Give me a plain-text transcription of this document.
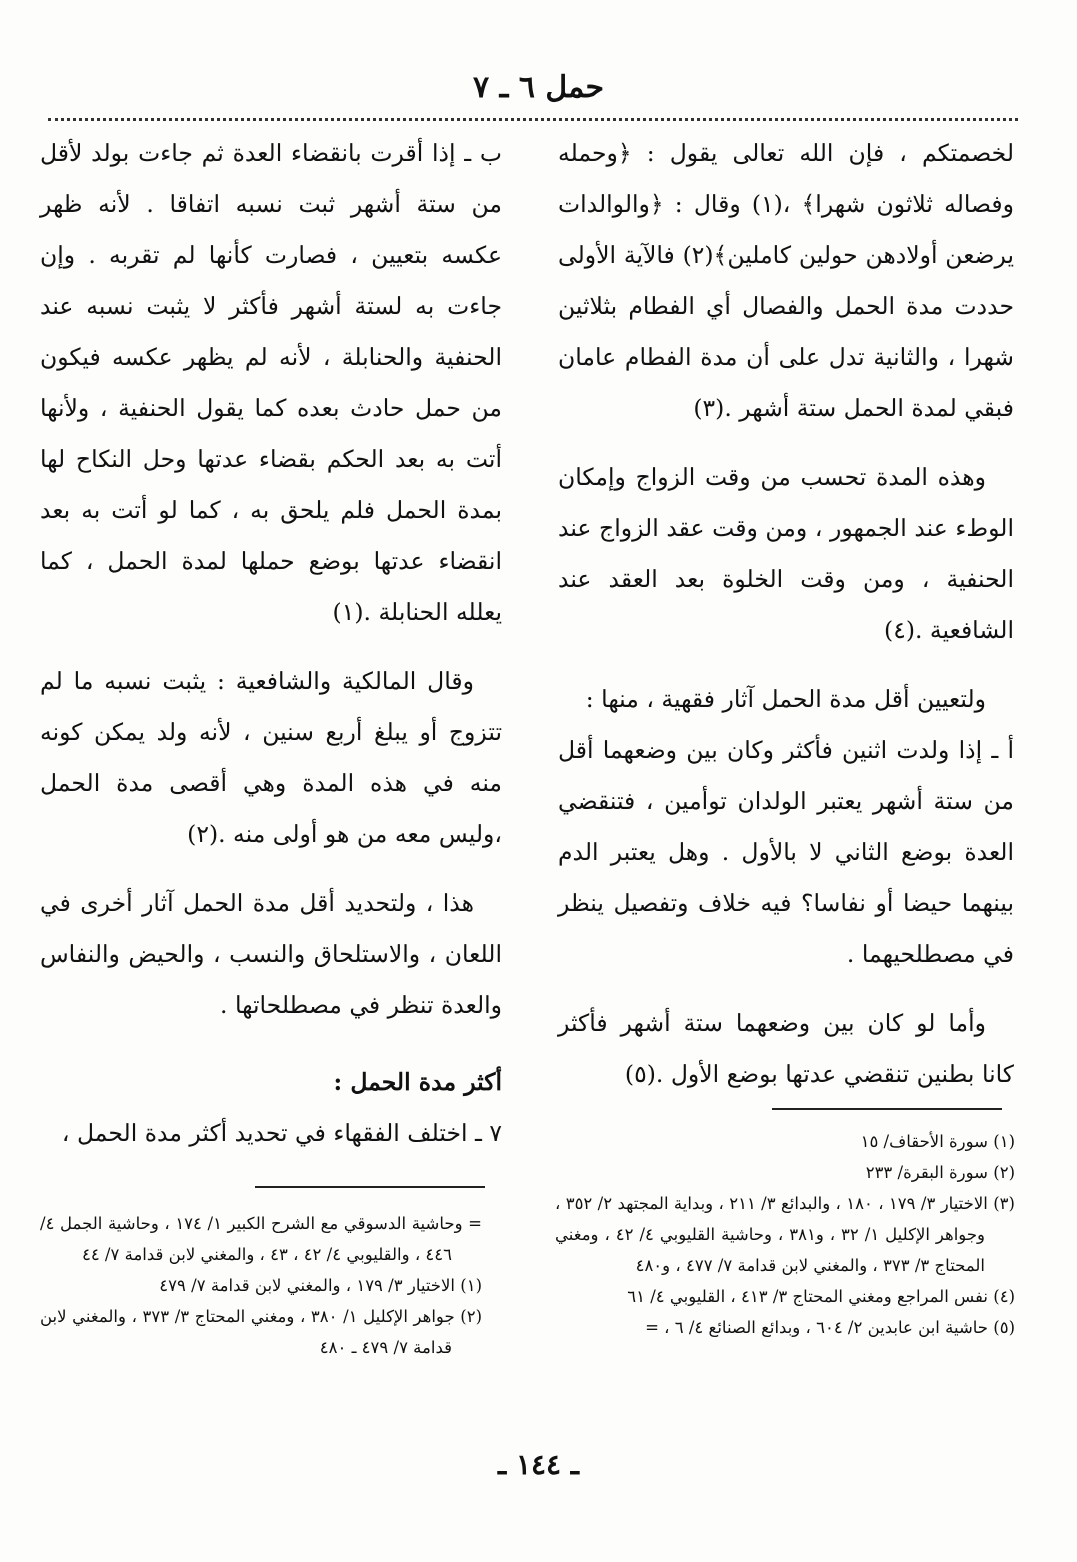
حمل ٦ ـ ٧

لخصمتكم ، فإن الله تعالى يقول : ﴿وحمله وفصاله ثلاثون شهرا﴾ ،(١) وقال : ﴿والوالدات يرضعن أولادهن حولين كاملين﴾(٢) فالآية الأولى حددت مدة الحمل والفصال أي الفطام بثلاثين شهرا ، والثانية تدل على أن مدة الفطام عامان فبقي لمدة الحمل ستة أشهر .(٣)

وهذه المدة تحسب من وقت الزواج وإمكان الوطء عند الجمهور ، ومن وقت عقد الزواج عند الحنفية ، ومن وقت الخلوة بعد العقد عند الشافعية .(٤)

ولتعيين أقل مدة الحمل آثار فقهية ، منها :

أ ـ إذا ولدت اثنين فأكثر وكان بين وضعهما أقل من ستة أشهر يعتبر الولدان توأمين ، فتنقضي العدة بوضع الثاني لا بالأول . وهل يعتبر الدم بينهما حيضا أو نفاسا؟ فيه خلاف وتفصيل ينظر في مصطلحيهما .

وأما لو كان بين وضعهما ستة أشهر فأكثر كانا بطنين تنقضي عدتها بوضع الأول .(٥)

ب ـ إذا أقرت بانقضاء العدة ثم جاءت بولد لأقل من ستة أشهر ثبت نسبه اتفاقا . لأنه ظهر عكسه بتعيين ، فصارت كأنها لم تقربه . وإن جاءت به لستة أشهر فأكثر لا يثبت نسبه عند الحنفية والحنابلة ، لأنه لم يظهر عكسه فيكون من حمل حادث بعده كما يقول الحنفية ، ولأنها أتت به بعد الحكم بقضاء عدتها وحل النكاح لها بمدة الحمل فلم يلحق به ، كما لو أتت به بعد انقضاء عدتها بوضع حملها لمدة الحمل ، كما يعلله الحنابلة .(١)

وقال المالكية والشافعية : يثبت نسبه ما لم تتزوج أو يبلغ أربع سنين ، لأنه ولد يمكن كونه منه في هذه المدة وهي أقصى مدة الحمل ،وليس معه من هو أولى منه .(٢)

هذا ، ولتحديد أقل مدة الحمل آثار أخرى في اللعان ، والاستلحاق والنسب ، والحيض والنفاس والعدة تنظر في مصطلحاتها .

أكثر مدة الحمل :

٧ ـ اختلف الفقهاء في تحديد أكثر مدة الحمل ،	(١) سورة الأحقاف/ ١٥
(٢) سورة البقرة/ ٢٣٣
(٣) الاختيار ٣/ ١٧٩ ، ١٨٠ ، والبدائع ٣/ ٢١١ ، وبداية المجتهد ٢/ ٣٥٢ ، وجواهر الإكليل ١/ ٣٢ ، و٣٨١ ، وحاشية القليوبي ٤/ ٤٢ ، ومغني المحتاج ٣/ ٣٧٣ ، والمغني لابن قدامة ٧/ ٤٧٧ ، و٤٨٠
(٤) نفس المراجع ومغني المحتاج ٣/ ٤١٣ ، القليوبي ٤/ ٦١
(٥) حاشية ابن عابدين ٢/ ٦٠٤ ، وبدائع الصنائع ٤/ ٦ ، =
= وحاشية الدسوقي مع الشرح الكبير ١/ ١٧٤ ، وحاشية الجمل ٤/ ٤٤٦ ، والقليوبي ٤/ ٤٢ ، ٤٣ ، والمغني لابن قدامة ٧/ ٤٤
(١) الاختيار ٣/ ١٧٩ ، والمغني لابن قدامة ٧/ ٤٧٩
(٢) جواهر الإكليل ١/ ٣٨٠ ، ومغني المحتاج ٣/ ٣٧٣ ، والمغني لابن قدامة ٧/ ٤٧٩ ـ ٤٨٠
ـ ١٤٤ ـ
